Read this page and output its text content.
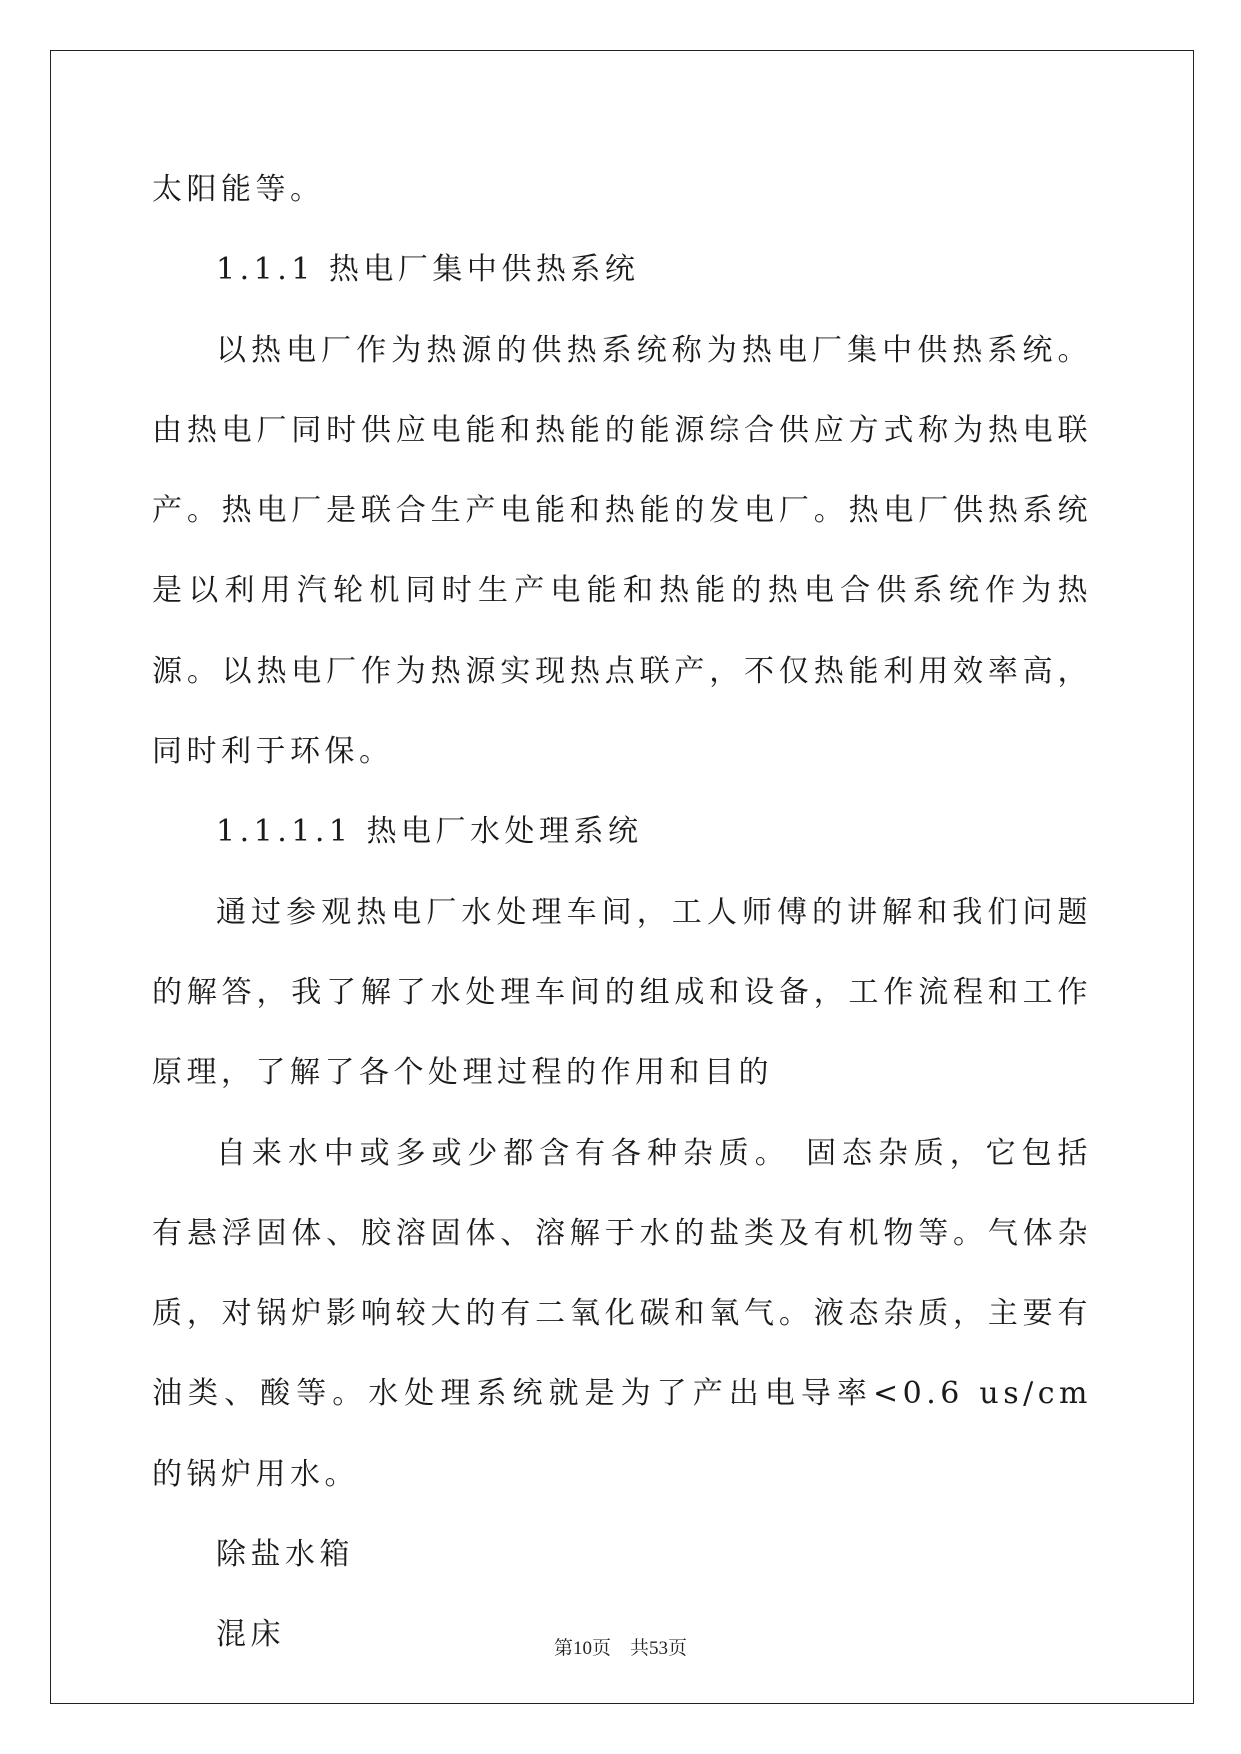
太阳能等。

1.1.1 热电厂集中供热系统

以热电厂作为热源的供热系统称为热电厂集中供热系统。由热电厂同时供应电能和热能的能源综合供应方式称为热电联产。热电厂是联合生产电能和热能的发电厂。热电厂供热系统是以利用汽轮机同时生产电能和热能的热电合供系统作为热源。以热电厂作为热源实现热点联产，不仅热能利用效率高，同时利于环保。

1.1.1.1 热电厂水处理系统

通过参观热电厂水处理车间，工人师傅的讲解和我们问题的解答，我了解了水处理车间的组成和设备，工作流程和工作原理，了解了各个处理过程的作用和目的

自来水中或多或少都含有各种杂质。 固态杂质，它包括有悬浮固体、胶溶固体、溶解于水的盐类及有机物等。气体杂质，对锅炉影响较大的有二氧化碳和氧气。液态杂质，主要有油类、酸等。水处理系统就是为了产出电导率<0.6 us/cm 的锅炉用水。

除盐水箱

混床	第10页 共53页
